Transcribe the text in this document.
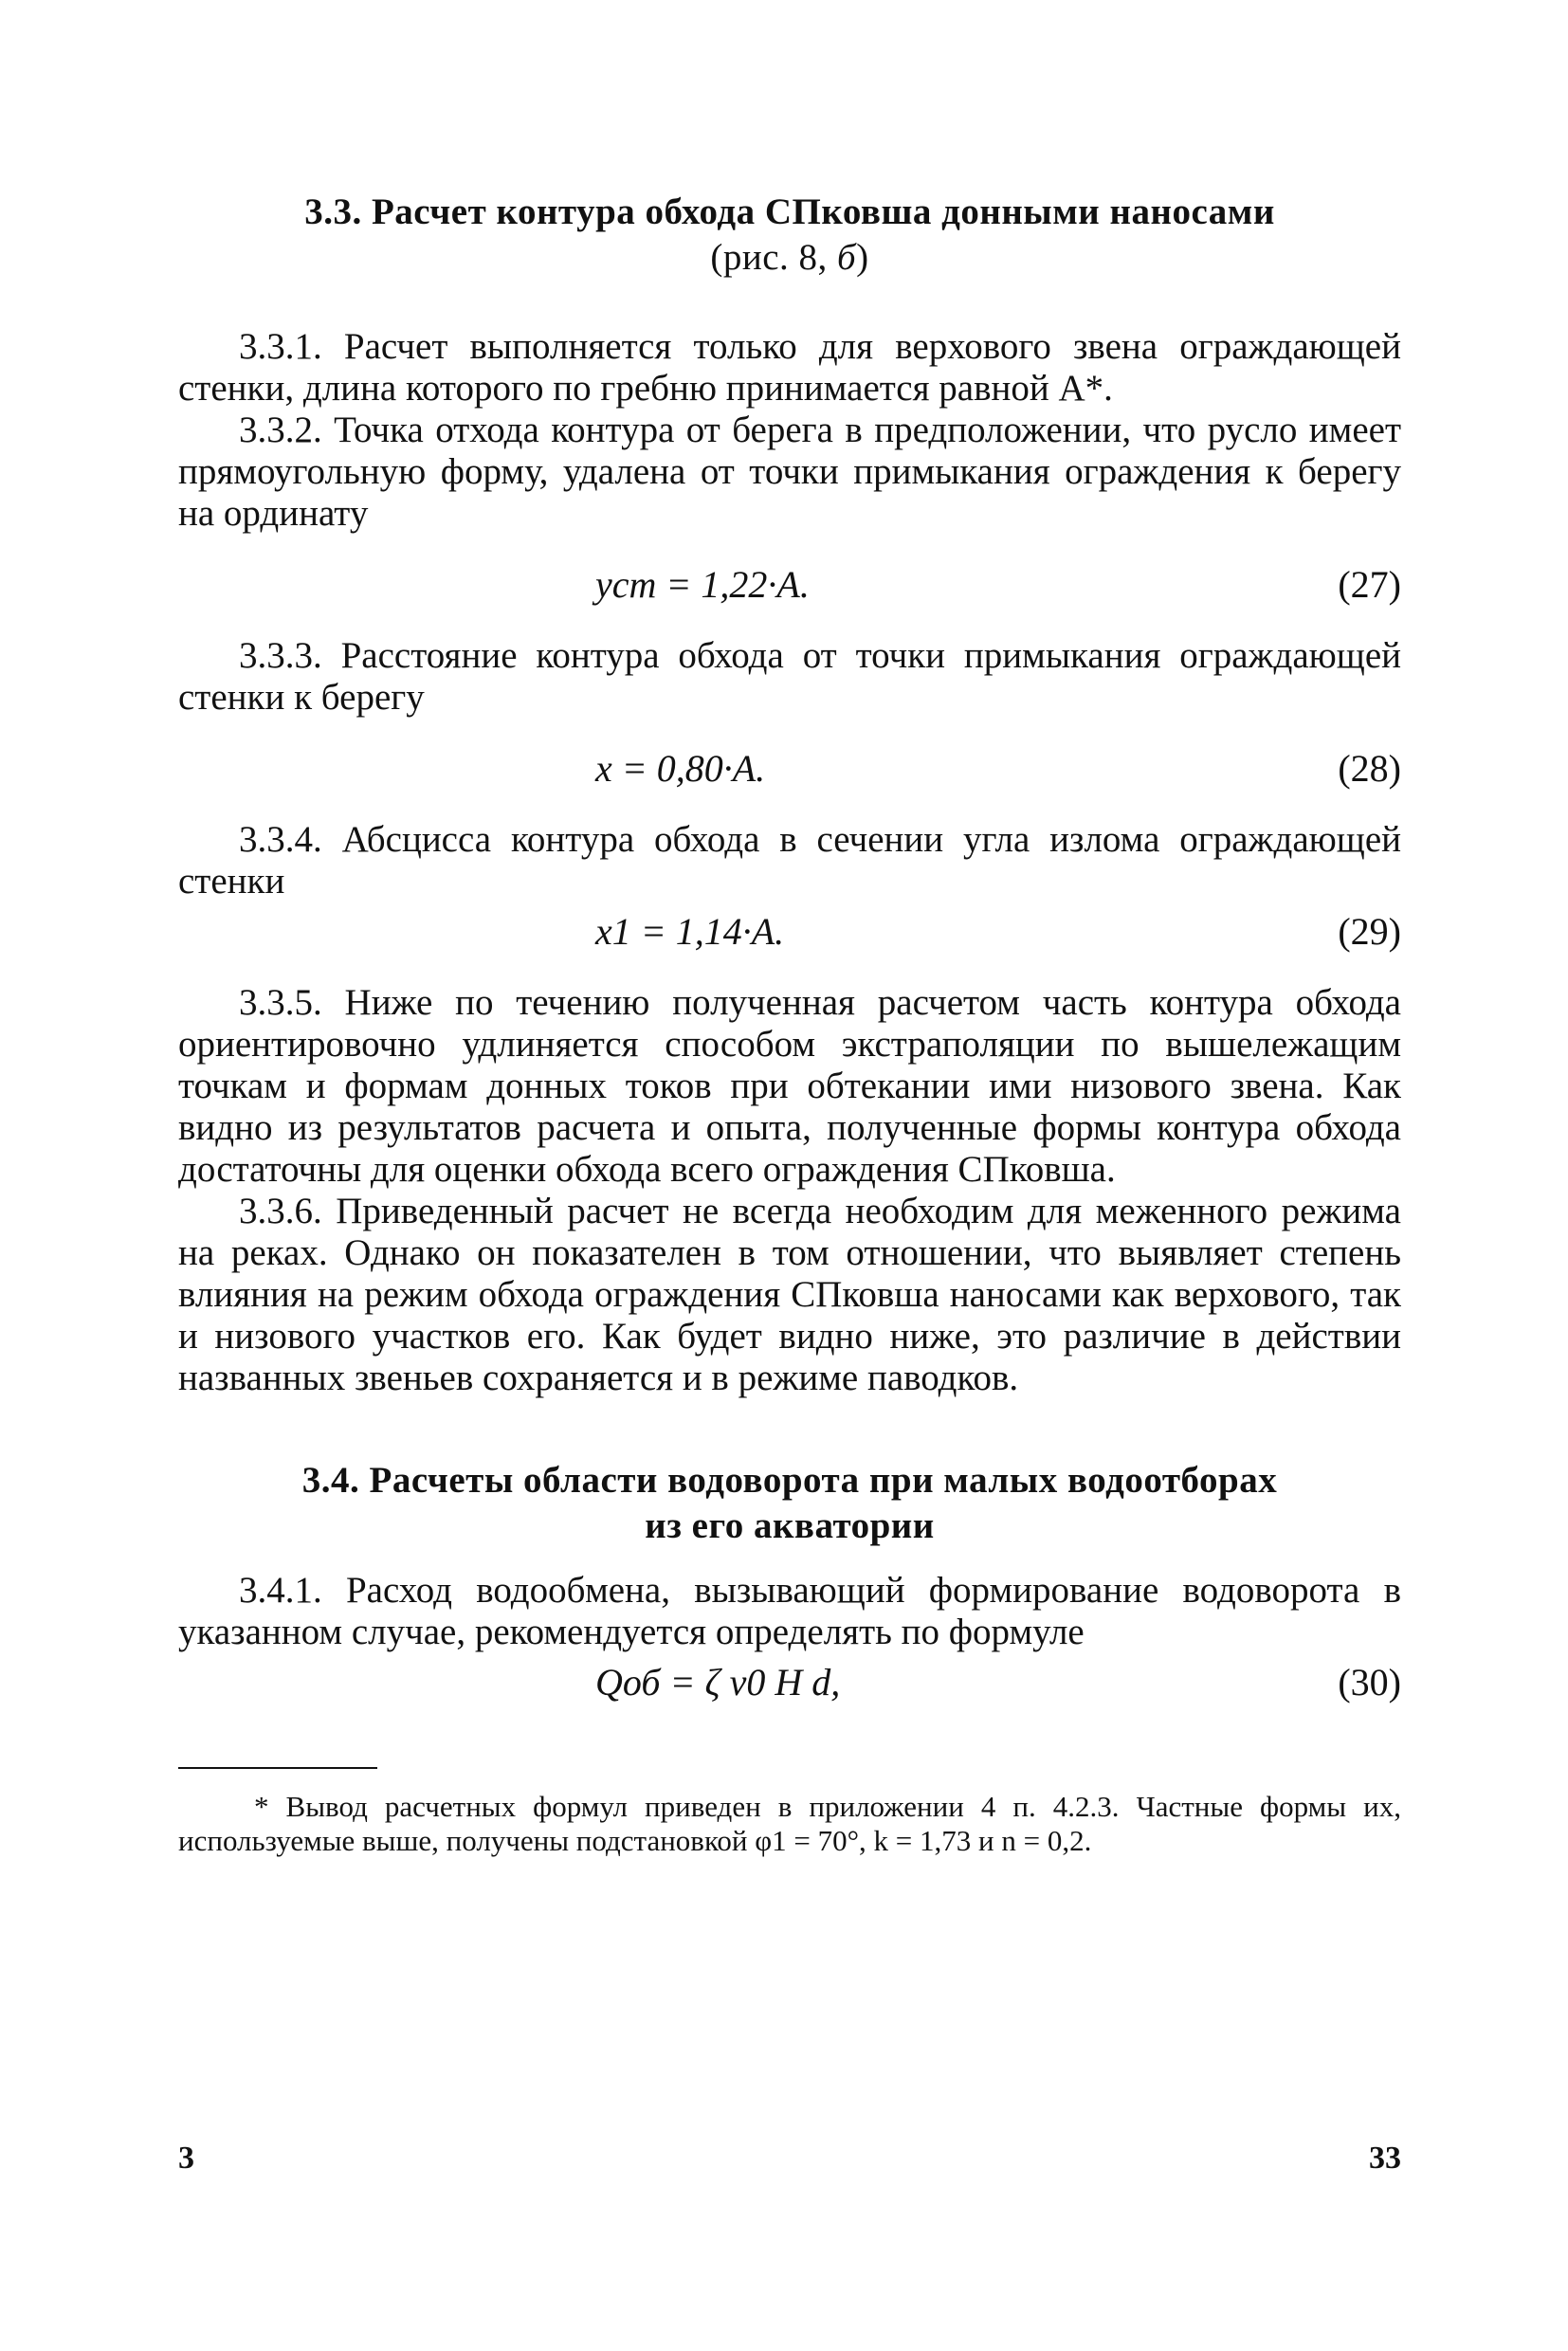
3.3. Расчет контура обхода СПковша донными наносами
(рис. 8, б)

3.3.1. Расчет выполняется только для верхового звена ограждающей стенки, длина которого по гребню принимается равной A*.

3.3.2. Точка отхода контура от берега в предположении, что русло имеет прямоугольную форму, удалена от точки примыкания ограждения к берегу на ординату

yст = 1,22·A.	(27)

3.3.3. Расстояние контура обхода от точки примыкания ограждающей стенки к берегу

x = 0,80·A.	(28)

3.3.4. Абсцисса контура обхода в сечении угла излома ограждающей стенки

x1 = 1,14·A.	(29)

3.3.5. Ниже по течению полученная расчетом часть контура обхода ориентировочно удлиняется способом экстраполяции по вышележащим точкам и формам донных токов при обтекании ими низового звена. Как видно из результатов расчета и опыта, полученные формы контура обхода достаточны для оценки обхода всего ограждения СПковша.

3.3.6. Приведенный расчет не всегда необходим для меженного режима на реках. Однако он показателен в том отношении, что выявляет степень влияния на режим обхода ограждения СПковша наносами как верхового, так и низового участков его. Как будет видно ниже, это различие в действии названных звеньев сохраняется и в режиме паводков.

3.4. Расчеты области водоворота при малых водоотборах
из его акватории

3.4.1. Расход водообмена, вызывающий формирование водоворота в указанном случае, рекомендуется определять по формуле

Qоб = ζ v0 H d,	(30)

* Вывод расчетных формул приведен в приложении 4 п. 4.2.3. Частные формы их, используемые выше, получены подстановкой φ1 = 70°, k = 1,73 и n = 0,2.

3	33
